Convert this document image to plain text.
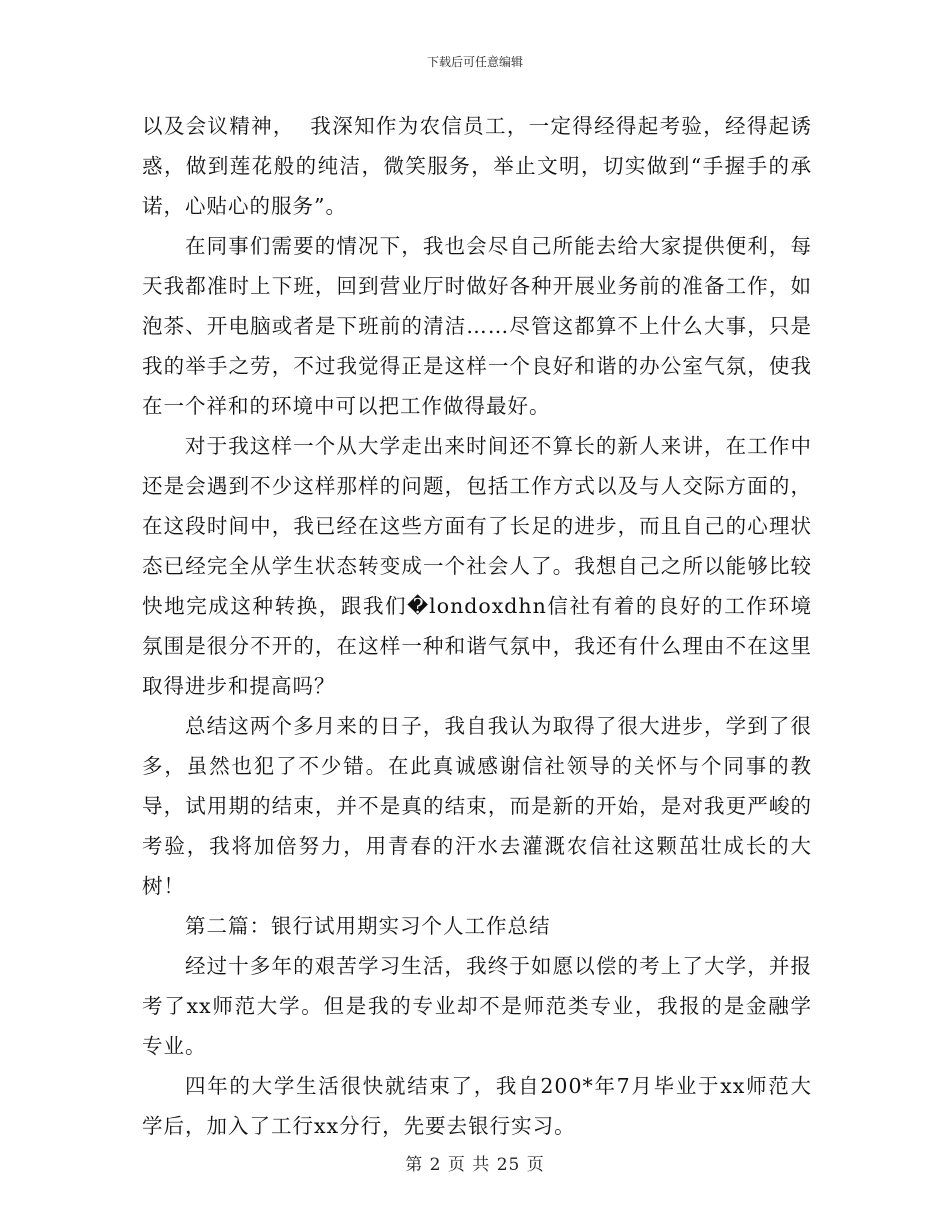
下载后可任意编辑

以及会议精神，  我深知作为农信员工，一定得经得起考验，经得起诱惑，做到莲花般的纯洁，微笑服务，举止文明，切实做到“手握手的承诺，心贴心的服务”。

在同事们需要的情况下，我也会尽自己所能去给大家提供便利，每天我都准时上下班，回到营业厅时做好各种开展业务前的准备工作，如泡茶、开电脑或者是下班前的清洁……尽管这都算不上什么大事，只是我的举手之劳，不过我觉得正是这样一个良好和谐的办公室气氛，使我在一个祥和的环境中可以把工作做得最好。

对于我这样一个从大学走出来时间还不算长的新人来讲，在工作中还是会遇到不少这样那样的问题，包括工作方式以及与人交际方面的，在这段时间中，我已经在这些方面有了长足的进步，而且自己的心理状态已经完全从学生状态转变成一个社会人了。我想自己之所以能够比较快地完成这种转换，跟我们�londoxdhn信社有着的良好的工作环境氛围是很分不开的，在这样一种和谐气氛中，我还有什么理由不在这里取得进步和提高吗？

总结这两个多月来的日子，我自我认为取得了很大进步，学到了很多，虽然也犯了不少错。在此真诚感谢信社领导的关怀与个同事的教导，试用期的结束，并不是真的结束，而是新的开始，是对我更严峻的考验，我将加倍努力，用青春的汗水去灌溉农信社这颗茁壮成长的大树！

第二篇：银行试用期实习个人工作总结

经过十多年的艰苦学习生活，我终于如愿以偿的考上了大学，并报考了xx师范大学。但是我的专业却不是师范类专业，我报的是金融学专业。

四年的大学生活很快就结束了，我自200*年7月毕业于xx师范大学后，加入了工行xx分行，先要去银行实习。

第 2 页 共 25 页
